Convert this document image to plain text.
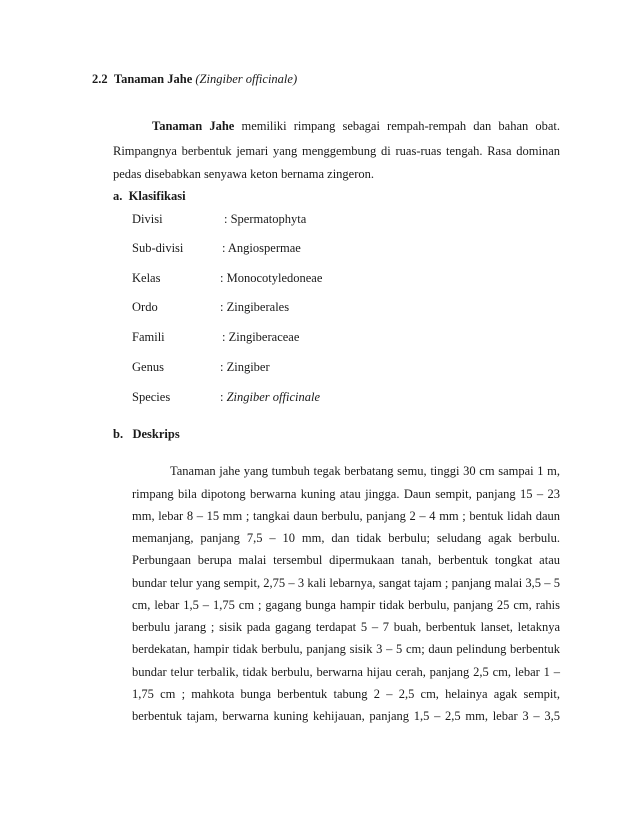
2.2 Tanaman Jahe (Zingiber officinale)
Tanaman Jahe memiliki rimpang sebagai rempah-rempah dan bahan obat.
Rimpangnya berbentuk jemari yang menggembung di ruas-ruas tengah. Rasa dominan
pedas disebabkan senyawa keton bernama zingeron.
a. Klasifikasi
Divisi	: Spermatophyta
Sub-divisi	: Angiospermae
Kelas	: Monocotyledoneae
Ordo	: Zingiberales
Famili	: Zingiberaceae
Genus	: Zingiber
Species	: Zingiber officinale
b. Deskrips
Tanaman jahe yang tumbuh tegak berbatang semu, tinggi 30 cm sampai 1 m,
rimpang bila dipotong berwarna kuning atau jingga. Daun sempit, panjang 15 – 23
mm, lebar 8 – 15 mm ; tangkai daun berbulu, panjang 2 – 4 mm ; bentuk lidah daun
memanjang, panjang 7,5 – 10 mm, dan tidak berbulu; seludang agak berbulu.
Perbungaan berupa malai tersembul dipermukaan tanah, berbentuk tongkat atau
bundar telur yang sempit, 2,75 – 3 kali lebarnya, sangat tajam ; panjang malai 3,5 – 5
cm, lebar 1,5 – 1,75 cm ; gagang bunga hampir tidak berbulu, panjang 25 cm, rahis
berbulu jarang ; sisik pada gagang terdapat 5 – 7 buah, berbentuk lanset, letaknya
berdekatan, hampir tidak berbulu, panjang sisik 3 – 5 cm; daun pelindung berbentuk
bundar telur terbalik, tidak berbulu, berwarna hijau cerah, panjang 2,5 cm, lebar 1 –
1,75 cm ; mahkota bunga berbentuk tabung 2 – 2,5 cm, helainya agak sempit,
berbentuk tajam, berwarna kuning kehijauan, panjang 1,5 – 2,5 mm, lebar 3 – 3,5
